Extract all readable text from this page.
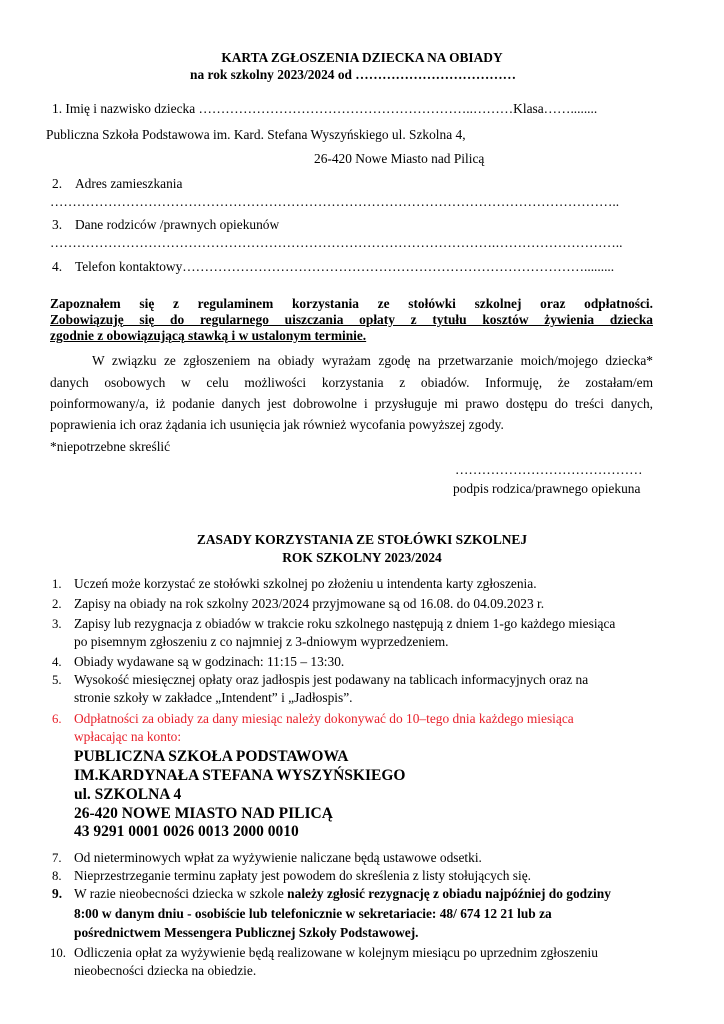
KARTA ZGŁOSZENIA DZIECKA NA OBIADY
na rok szkolny 2023/2024 od ………………………………
1. Imię i nazwisko dziecka ……………………………………………………..………Klasa……........
Publiczna Szkoła Podstawowa im. Kard. Stefana Wyszyńskiego ul. Szkolna 4,
26-420 Nowe Miasto nad Pilicą
2. Adres zamieszkania
………………………………………………………………………………………………………………..
3. Dane rodziców /prawnych opiekunów
……………………………………………………………………………………….………………………..
4. Telefon kontaktowy……………………………………………………………………………….........
Zapoznałem się z regulaminem korzystania ze stołówki szkolnej oraz odpłatności.
Zobowiązuję się do regularnego uiszczania opłaty z tytułu kosztów żywienia dziecka
zgodnie z obowiązującą stawką i w ustalonym terminie.
W związku ze zgłoszeniem na obiady wyrażam zgodę na przetwarzanie moich/mojego dziecka*
danych osobowych w celu możliwości korzystania z obiadów. Informuję, że zostałam/em
poinformowany/a, iż podanie danych jest dobrowolne i przysługuje mi prawo dostępu do treści danych,
poprawienia ich oraz żądania ich usunięcia jak również wycofania powyższej zgody.
*niepotrzebne skreślić
……………………………………
podpis rodzica/prawnego opiekuna
ZASADY KORZYSTANIA ZE STOŁÓWKI SZKOLNEJ
ROK SZKOLNY 2023/2024
1. Uczeń może korzystać ze stołówki szkolnej po złożeniu u intendenta karty zgłoszenia.
2. Zapisy na obiady na rok szkolny 2023/2024 przyjmowane są od 16.08. do 04.09.2023 r.
3. Zapisy lub rezygnacja z obiadów w trakcie roku szkolnego następują z dniem 1-go każdego miesiąca
po pisemnym zgłoszeniu z co najmniej z 3-dniowym wyprzedzeniem.
4. Obiady wydawane są w godzinach: 11:15 – 13:30.
5. Wysokość miesięcznej opłaty oraz jadłospis jest podawany na tablicach informacyjnych oraz na
stronie szkoły w zakładce „Intendent” i „Jadłospis”.
6. Odpłatności za obiady za dany miesiąc należy dokonywać do 10–tego dnia każdego miesiąca
wpłacając na konto:
PUBLICZNA SZKOŁA PODSTAWOWA
IM.KARDYNAŁA STEFANA WYSZYŃSKIEGO
ul. SZKOLNA 4
26-420 NOWE MIASTO NAD PILICĄ
43 9291 0001 0026 0013 2000 0010
7. Od nieterminowych wpłat za wyżywienie naliczane będą ustawowe odsetki.
8. Nieprzestrzeganie terminu zapłaty jest powodem do skreślenia z listy stołujących się.
9. W razie nieobecności dziecka w szkole należy zgłosić rezygnację z obiadu najpóźniej do godziny
8:00 w danym dniu - osobiście lub telefonicznie w sekretariacie: 48/ 674 12 21 lub za
pośrednictwem Messengera Publicznej Szkoły Podstawowej.
10. Odliczenia opłat za wyżywienie będą realizowane w kolejnym miesiącu po uprzednim zgłoszeniu
nieobecności dziecka na obiedzie.
